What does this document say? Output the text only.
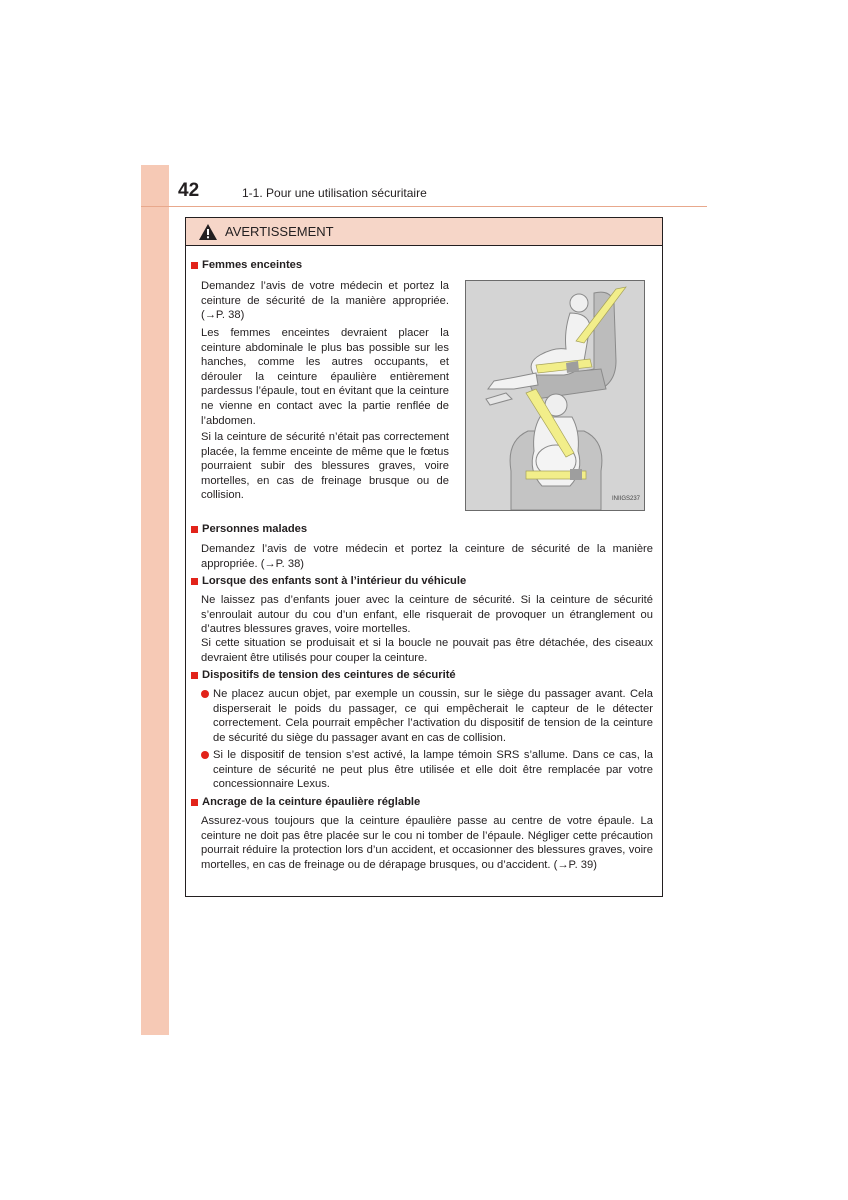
42	1-1. Pour une utilisation sécuritaire
AVERTISSEMENT
Femmes enceintes
Demandez l’avis de votre médecin et portez la ceinture de sécurité de la manière appropriée. (→P. 38)
Les femmes enceintes devraient placer la ceinture abdominale le plus bas possible sur les hanches, comme les autres occupants, et dérouler la ceinture épaulière entièrement pardessus l’épaule, tout en évitant que la ceinture ne vienne en contact avec la partie renflée de l’abdomen.
Si la ceinture de sécurité n’était pas correctement placée, la femme enceinte de même que le fœtus pourraient subir des blessures graves, voire mortelles, en cas de freinage brusque ou de collision.	INIIGS237
Personnes malades
Demandez l’avis de votre médecin et portez la ceinture de sécurité de la manière appropriée. (→P. 38)
Lorsque des enfants sont à l’intérieur du véhicule
Ne laissez pas d’enfants jouer avec la ceinture de sécurité. Si la ceinture de sécurité s’enroulait autour du cou d’un enfant, elle risquerait de provoquer un étranglement ou d’autres blessures graves, voire mortelles.
Si cette situation se produisait et si la boucle ne pouvait pas être détachée, des ciseaux devraient être utilisés pour couper la ceinture.
Dispositifs de tension des ceintures de sécurité
Ne placez aucun objet, par exemple un coussin, sur le siège du passager avant. Cela disperserait le poids du passager, ce qui empêcherait le capteur de le détecter correctement. Cela pourrait empêcher l’activation du dispositif de tension de la ceinture de sécurité du siège du passager avant en cas de collision.
Si le dispositif de tension s’est activé, la lampe témoin SRS s’allume. Dans ce cas, la ceinture de sécurité ne peut plus être utilisée et elle doit être remplacée par votre concessionnaire Lexus.
Ancrage de la ceinture épaulière réglable
Assurez-vous toujours que la ceinture épaulière passe au centre de votre épaule. La ceinture ne doit pas être placée sur le cou ni tomber de l’épaule. Négliger cette précaution pourrait réduire la protection lors d’un accident, et occasionner des blessures graves, voire mortelles, en cas de freinage ou de dérapage brusques, ou d’accident. (→P. 39)
